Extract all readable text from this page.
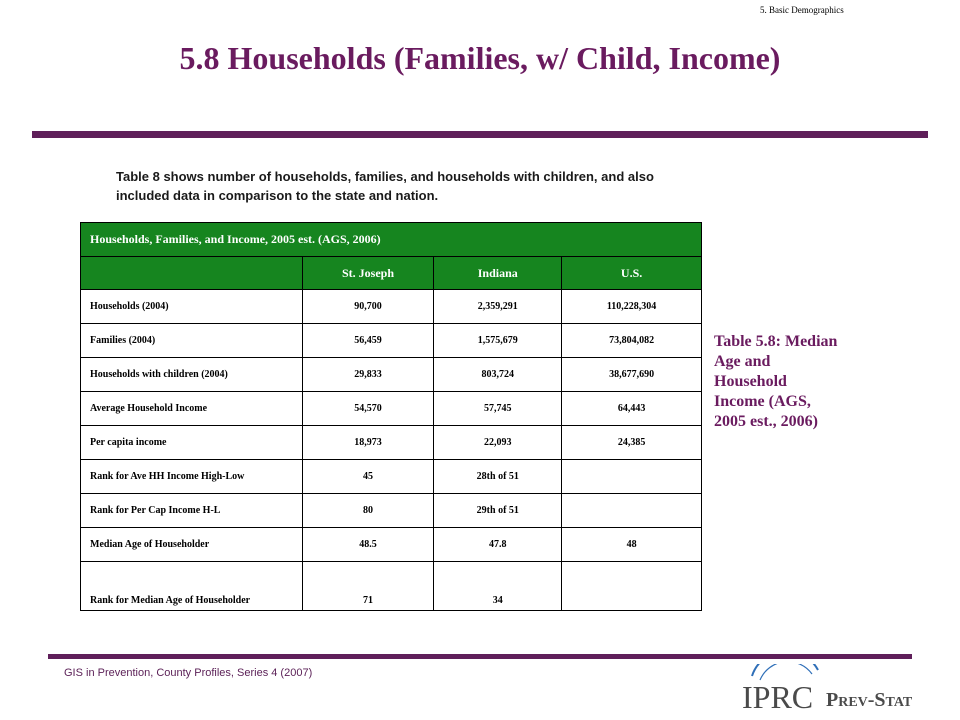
5. Basic Demographics
5.8 Households (Families, w/ Child, Income)
Table 8 shows number of households, families, and households with children, and also
included data in comparison to the state and nation.
Households, Families, and Income, 2005 est. (AGS, 2006)			
	St. Joseph	Indiana	U.S.
Households (2004)	90,700	2,359,291	110,228,304
Families (2004)	56,459	1,575,679	73,804,082
Households with children (2004)	29,833	803,724	38,677,690
Average Household Income	54,570	57,745	64,443
Per capita income	18,973	22,093	24,385
Rank for Ave HH Income High-Low	45	28th of 51	
Rank for Per Cap Income H-L	80	29th of 51	
Median Age of Householder	48.5	47.8	48
Rank for Median Age of Householder	71	34	
Table 5.8: Median
Age and
Household
Income (AGS,
2005 est., 2006)
GIS in Prevention, County Profiles, Series 4 (2007)
IPRC Prev-Stat
